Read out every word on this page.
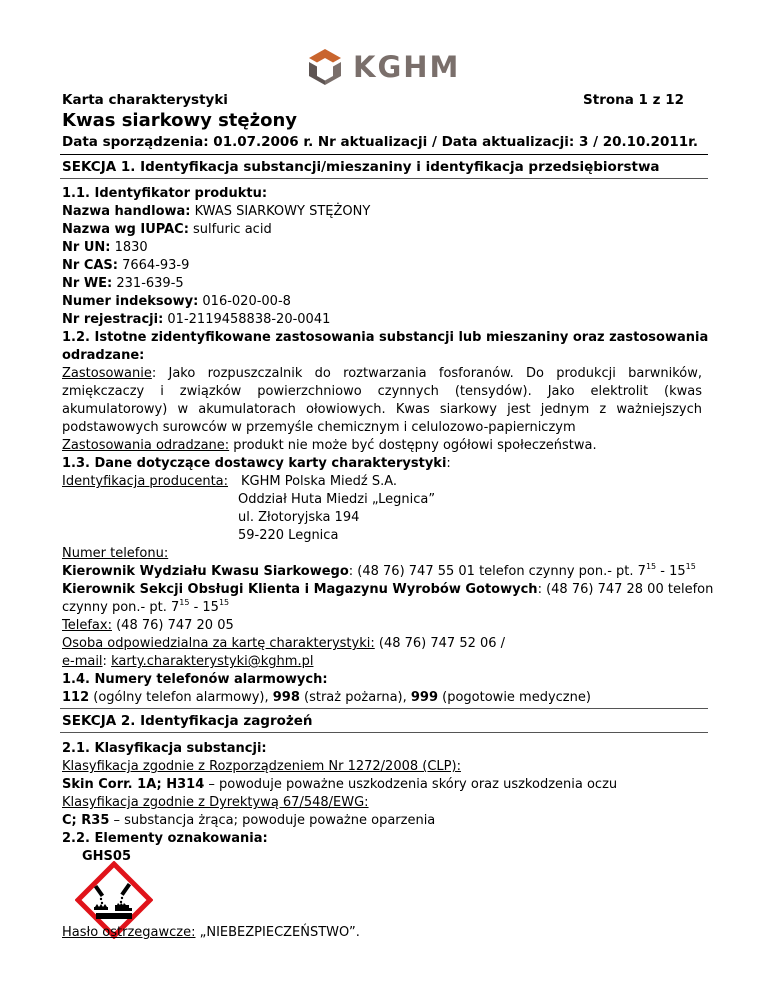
KGHM
Karta charakterystyki	Strona 1 z 12
Kwas siarkowy stężony
Data sporządzenia: 01.07.2006 r. Nr aktualizacji / Data aktualizacji: 3 / 20.10.2011r.
SEKCJA 1. Identyfikacja substancji/mieszaniny i identyfikacja przedsiębiorstwa
1.1. Identyfikator produktu:
Nazwa handlowa: KWAS SIARKOWY STĘŻONY
Nazwa wg IUPAC: sulfuric acid
Nr UN: 1830
Nr CAS: 7664-93-9
Nr WE: 231-639-5
Numer indeksowy: 016-020-00-8
Nr rejestracji: 01-2119458838-20-0041
1.2. Istotne zidentyfikowane zastosowania substancji lub mieszaniny oraz zastosowania
odradzane:
Zastosowanie: Jako rozpuszczalnik do roztwarzania fosforanów. Do produkcji barwników,
zmiękczaczy i związków powierzchniowo czynnych (tensydów). Jako elektrolit (kwas
akumulatorowy) w akumulatorach ołowiowych. Kwas siarkowy jest jednym z ważniejszych
podstawowych surowców w przemyśle chemicznym i celulozowo-papierniczym
Zastosowania odradzane: produkt nie może być dostępny ogółowi społeczeństwa.
1.3. Dane dotyczące dostawcy karty charakterystyki:
Identyfikacja producenta: KGHM Polska Miedź S.A.
Oddział Huta Miedzi „Legnica”
ul. Złotoryjska 194
59-220 Legnica
Numer telefonu:
Kierownik Wydziału Kwasu Siarkowego: (48 76) 747 55 01 telefon czynny pon.- pt. $7^{15} - 15^{15}$
Kierownik Sekcji Obsługi Klienta i Magazynu Wyrobów Gotowych: (48 76) 747 28 00 telefon
czynny pon.- pt. $7^{15} - 15^{15}$
Telefax: (48 76) 747 20 05
Osoba odpowiedzialna za kartę charakterystyki: (48 76) 747 52 06 /
e-mail: karty.charakterystyki@kghm.pl
1.4. Numery telefonów alarmowych:
112 (ogólny telefon alarmowy), 998 (straż pożarna), 999 (pogotowie medyczne)
SEKCJA 2. Identyfikacja zagrożeń
2.1. Klasyfikacja substancji:
Klasyfikacja zgodnie z Rozporządzeniem Nr 1272/2008 (CLP):
Skin Corr. 1A; H314 – powoduje poważne uszkodzenia skóry oraz uszkodzenia oczu
Klasyfikacja zgodnie z Dyrektywą 67/548/EWG:
C; R35 – substancja żrąca; powoduje poważne oparzenia
2.2. Elementy oznakowania:
GHS05
Hasło ostrzegawcze: „NIEBEZPIECZEŃSTWO”.
